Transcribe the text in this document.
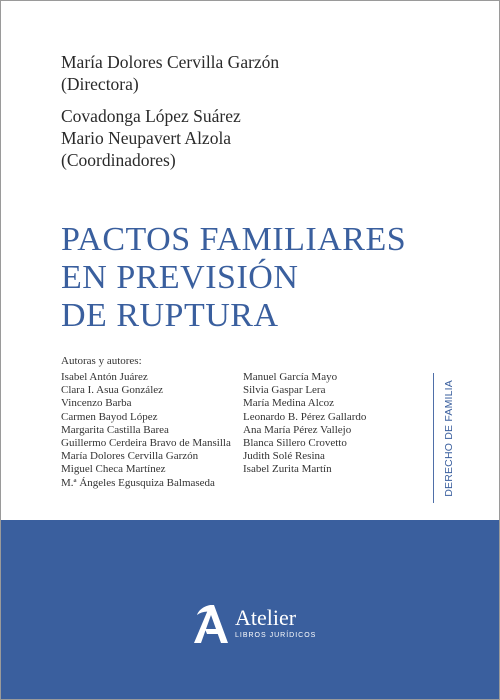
María Dolores Cervilla Garzón
(Directora)
Covadonga López Suárez
Mario Neupavert Alzola
(Coordinadores)
PACTOS FAMILIARES
EN PREVISIÓN
DE RUPTURA
Autoras y autores:
Isabel Antón Juárez
Clara I. Asua González
Vincenzo Barba
Carmen Bayod López
Margarita Castilla Barea
Guillermo Cerdeira Bravo de Mansilla
María Dolores Cervilla Garzón
Miguel Checa Martínez
M.ª Ángeles Egusquiza Balmaseda
Manuel García Mayo
Silvia Gaspar Lera
María Medina Alcoz
Leonardo B. Pérez Gallardo
Ana María Pérez Vallejo
Blanca Sillero Crovetto
Judith Solé Resina
Isabel Zurita Martín	DERECHO DE FAMILIA
Atelier
LIBROS JURÍDICOS
